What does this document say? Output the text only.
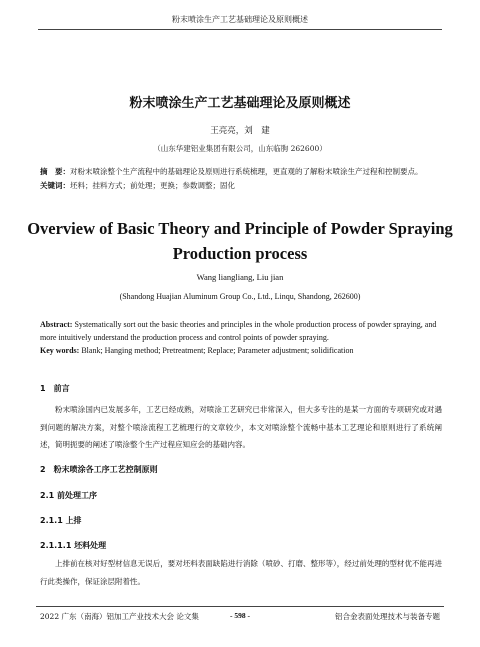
粉末喷涂生产工艺基础理论及原则概述
粉末喷涂生产工艺基础理论及原则概述
王亮亮，刘　建
（山东华建铝业集团有限公司，山东临朐 262600）
摘　要：对粉末喷涂整个生产流程中的基础理论及原则进行系统梳理，更直观的了解粉末喷涂生产过程和控制要点。
关键词：坯料；挂料方式；前处理；更换；参数调整；固化
Overview of Basic Theory and Principle of Powder Spraying Production process
Wang liangliang, Liu jian
(Shandong Huajian Aluminum Group Co., Ltd., Linqu, Shandong, 262600)
Abstract: Systematically sort out the basic theories and principles in the whole production process of powder spraying, and more intuitively understand the production process and control points of powder spraying.
Key words: Blank; Hanging method; Pretreatment; Replace; Parameter adjustment; solidification
1　前言
粉末喷涂国内已发展多年，工艺已经成熟，对喷涂工艺研究已非常深入，但大多专注的是某一方面的专项研究或对遇到问题的解决方案，对整个喷涂流程工艺梳理行的文章较少，本文对喷涂整个流畅中基本工艺理论和原则进行了系统阐述，简明扼要的阐述了喷涂整个生产过程应知应会的基础内容。
2　粉末喷涂各工序工艺控制原则
2.1 前处理工序
2.1.1 上排
2.1.1.1 坯料处理
上排前在核对好型材信息无误后，要对坯料表面缺陷进行消除（喷砂、打磨、整形等），经过前处理的型材优不能再进行此类操作，保证涂层附着性。
2022 广东（南海）铝加工产业技术大会 论文集	- 598 -	铝合金表面处理技术与装备专题
